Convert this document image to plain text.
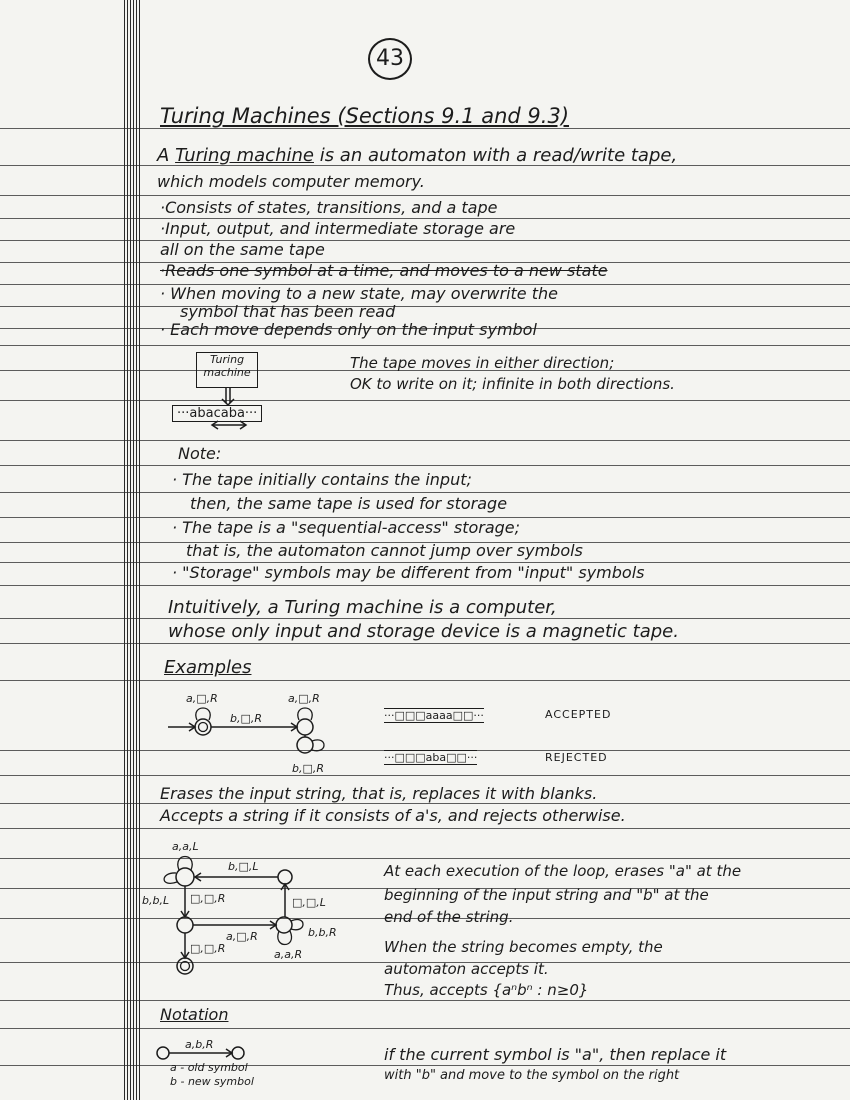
43
Turing Machines (Sections 9.1 and 9.3)
A Turing machine is an automaton with a read/write tape,
which models computer memory.
·Consists of states, transitions, and a tape
·Input, output, and intermediate storage are
all on the same tape
·Reads one symbol at a time, and moves to a new state
· When moving to a new state, may overwrite the
symbol that has been read
· Each move depends only on the input symbol
Turing
machine
···abacaba···
The tape moves in either direction;
OK to write on it; infinite in both directions.
Note:
· The tape initially contains the input;
then, the same tape is used for storage
· The tape is a "sequential-access" storage;
that is, the automaton cannot jump over symbols
· "Storage" symbols may be different from "input" symbols
Intuitively, a Turing machine is a computer,
whose only input and storage device is a magnetic tape.
Examples
a,□,R
b,□,R
a,□,R
b,□,R
···□□□aaaa□□···	ACCEPTED
···□□□aba□□···	REJECTED
Erases the input string, that is, replaces it with blanks.
Accepts a string if it consists of a's, and rejects otherwise.
a,a,L
b,□,L
b,b,L □,□,R
a,□,R
□,□,L
b,b,R
a,a,R
□,□,R
At each execution of the loop, erases "a" at the
beginning of the input string and "b" at the
end of the string.
When the string becomes empty, the
automaton accepts it.
Thus, accepts {aⁿbⁿ : n≥0}
Notation
a,b,R
a - old symbol
b - new symbol
if the current symbol is "a", then replace it
with "b" and move to the symbol on the right
